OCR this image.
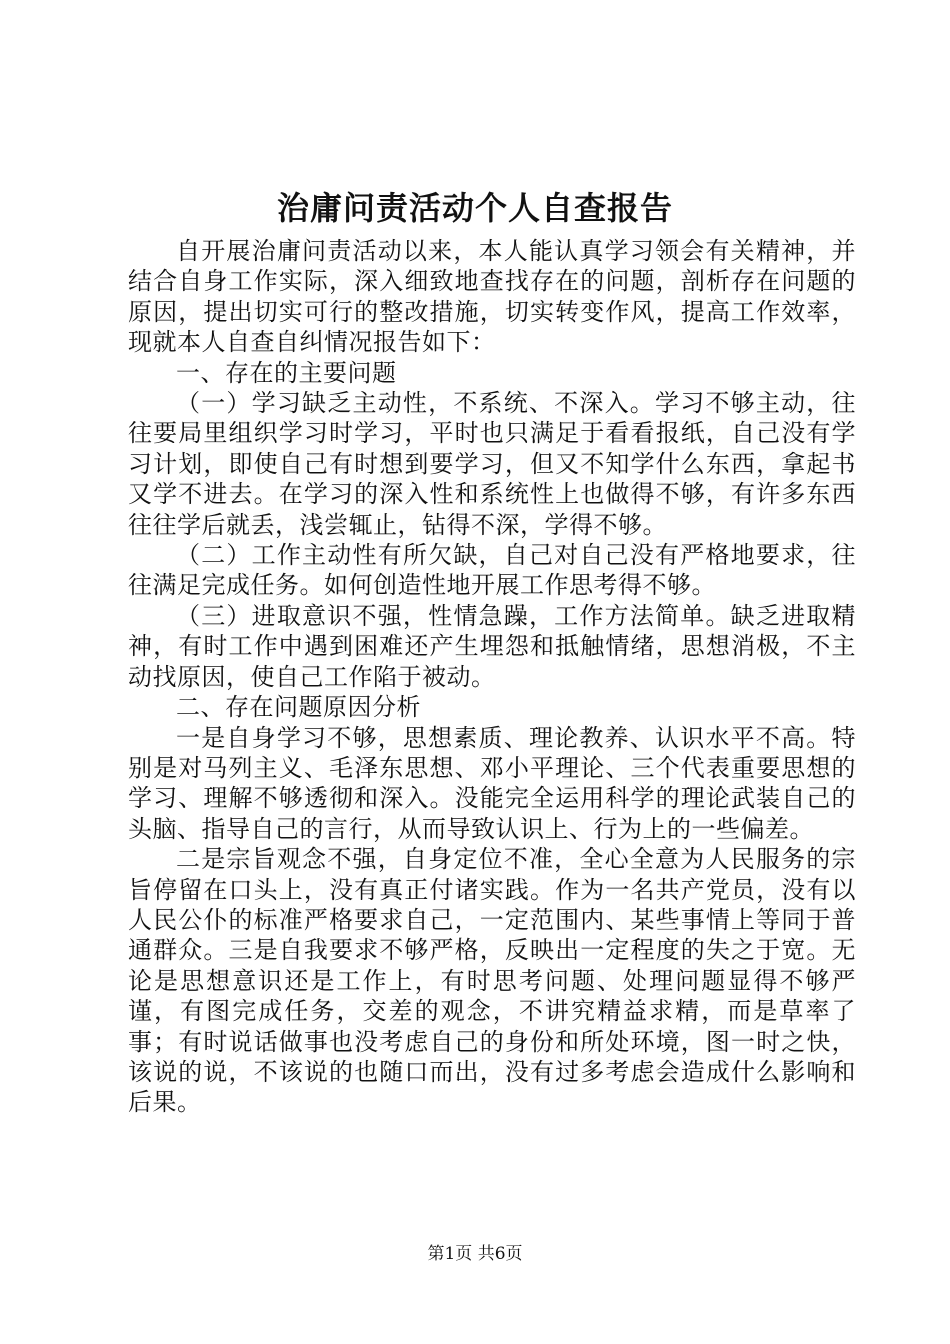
治庸问责活动个人自查报告

自开展治庸问责活动以来，本人能认真学习领会有关精神，并结合自身工作实际，深入细致地查找存在的问题，剖析存在问题的原因，提出切实可行的整改措施，切实转变作风，提高工作效率，现就本人自查自纠情况报告如下：

一、存在的主要问题

（一）学习缺乏主动性，不系统、不深入。学习不够主动，往往要局里组织学习时学习，平时也只满足于看看报纸，自己没有学习计划，即使自己有时想到要学习，但又不知学什么东西，拿起书又学不进去。在学习的深入性和系统性上也做得不够，有许多东西往往学后就丢，浅尝辄止，钻得不深，学得不够。

（二）工作主动性有所欠缺，自己对自己没有严格地要求，往往满足完成任务。如何创造性地开展工作思考得不够。

（三）进取意识不强，性情急躁，工作方法简单。缺乏进取精神，有时工作中遇到困难还产生埋怨和抵触情绪，思想消极，不主动找原因，使自己工作陷于被动。

二、存在问题原因分析

一是自身学习不够，思想素质、理论教养、认识水平不高。特别是对马列主义、毛泽东思想、邓小平理论、三个代表重要思想的学习、理解不够透彻和深入。没能完全运用科学的理论武装自己的头脑、指导自己的言行，从而导致认识上、行为上的一些偏差。

二是宗旨观念不强，自身定位不准，全心全意为人民服务的宗旨停留在口头上，没有真正付诸实践。作为一名共产党员，没有以人民公仆的标准严格要求自己，一定范围内、某些事情上等同于普通群众。三是自我要求不够严格，反映出一定程度的失之于宽。无论是思想意识还是工作上，有时思考问题、处理问题显得不够严谨，有图完成任务，交差的观念，不讲究精益求精，而是草率了事；有时说话做事也没考虑自己的身份和所处环境，图一时之快，该说的说，不该说的也随口而出，没有过多考虑会造成什么影响和后果。

第1页 共6页
